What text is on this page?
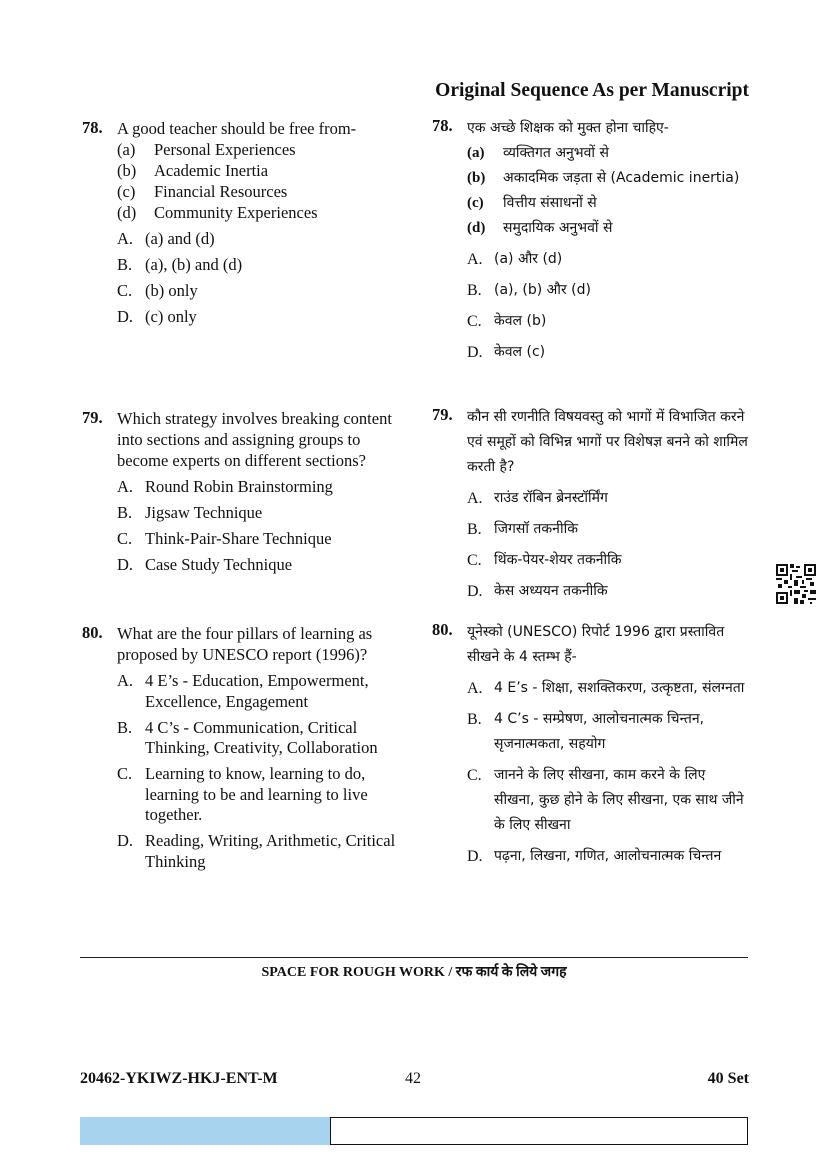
Original Sequence As per Manuscript
78. A good teacher should be free from-
(a)	Personal Experiences
(b)	Academic Inertia
(c)	Financial Resources
(d)	Community Experiences
A. (a) and (d)
B. (a), (b) and (d)
C. (b) only
D. (c) only
79. Which strategy involves breaking content into sections and assigning groups to become experts on different sections?
A. Round Robin Brainstorming
B. Jigsaw Technique
C. Think-Pair-Share Technique
D. Case Study Technique
80. What are the four pillars of learning as proposed by UNESCO report (1996)?
A. 4 E’s - Education, Empowerment, Excellence, Engagement
B. 4 C’s - Communication, Critical Thinking, Creativity, Collaboration
C. Learning to know, learning to do, learning to be and learning to live together.
D. Reading, Writing, Arithmetic, Critical Thinking
78. एक अच्छे शिक्षक को मुक्त होना चाहिए-
(a)	व्यक्तिगत अनुभवों से
(b)	अकादमिक जड़ता से (Academic inertia)
(c)	वित्तीय संसाधनों से
(d)	समुदायिक अनुभवों से
A. (a) और (d)
B. (a), (b) और (d)
C. केवल (b)
D. केवल (c)
79. कौन सी रणनीति विषयवस्तु को भागों में विभाजित करने एवं समूहों को विभिन्न भागों पर विशेषज्ञ बनने को शामिल करती है?
A. राउंड रॉबिन ब्रेनस्टॉर्मिंग
B. जिगसॉ तकनीकि
C. थिंक-पेयर-शेयर तकनीकि
D. केस अध्ययन तकनीकि
80. यूनेस्को (UNESCO) रिपोर्ट 1996 द्वारा प्रस्तावित सीखने के 4 स्तम्भ हैं-
A. 4 E’s - शिक्षा, सशक्तिकरण, उत्कृष्टता, संलग्नता
B. 4 C’s - सम्प्रेषण, आलोचनात्मक चिन्तन, सृजनात्मकता, सहयोग
C. जानने के लिए सीखना, काम करने के लिए सीखना, कुछ होने के लिए सीखना, एक साथ जीने के लिए सीखना
D. पढ़ना, लिखना, गणित, आलोचनात्मक चिन्तन
SPACE FOR ROUGH WORK / रफ कार्य के लिये जगह
20462-YKIWZ-HKJ-ENT-M	42	40 Set
